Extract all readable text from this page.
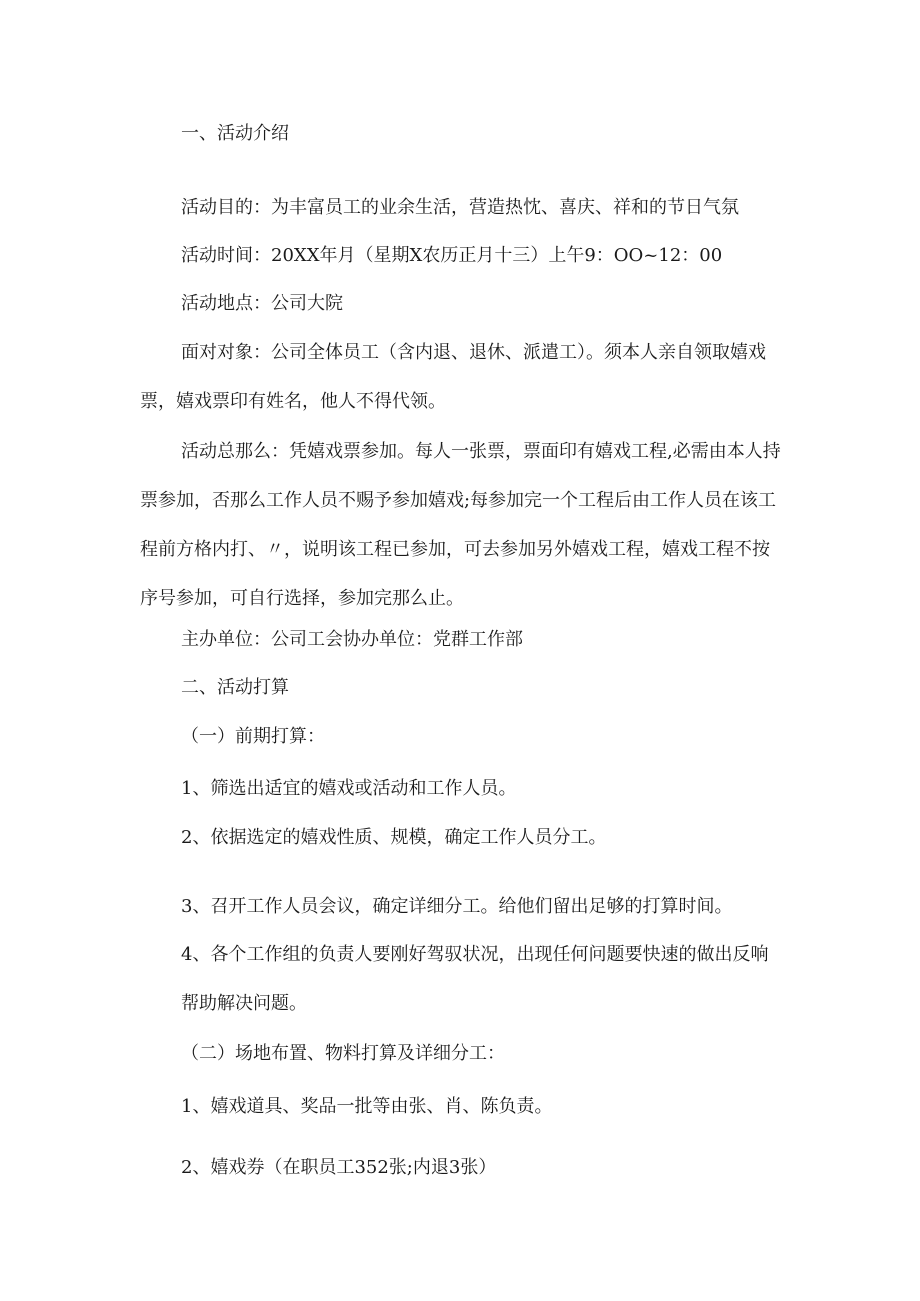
一、活动介绍
活动目的：为丰富员工的业余生活，营造热忱、喜庆、祥和的节日气氛
活动时间：20XX年月（星期X农历正月十三）上午9：OO~12：00
活动地点：公司大院
面对对象：公司全体员工（含内退、退休、派遣工）。须本人亲自领取嬉戏票，嬉戏票印有姓名，他人不得代领。
活动总那么：凭嬉戏票参加。每人一张票，票面印有嬉戏工程,必需由本人持票参加，否那么工作人员不赐予参加嬉戏;每参加完一个工程后由工作人员在该工程前方格内打、〃，说明该工程已参加，可去参加另外嬉戏工程，嬉戏工程不按序号参加，可自行选择，参加完那么止。
主办单位：公司工会协办单位：党群工作部
二、活动打算
（一）前期打算：
1、筛选出适宜的嬉戏或活动和工作人员。
2、依据选定的嬉戏性质、规模，确定工作人员分工。
3、召开工作人员会议，确定详细分工。给他们留出足够的打算时间。
4、各个工作组的负责人要刚好驾驭状况，出现任何问题要快速的做出反响帮助解决问题。
（二）场地布置、物料打算及详细分工：
1、嬉戏道具、奖品一批等由张、肖、陈负责。
2、嬉戏券（在职员工352张;内退3张）
